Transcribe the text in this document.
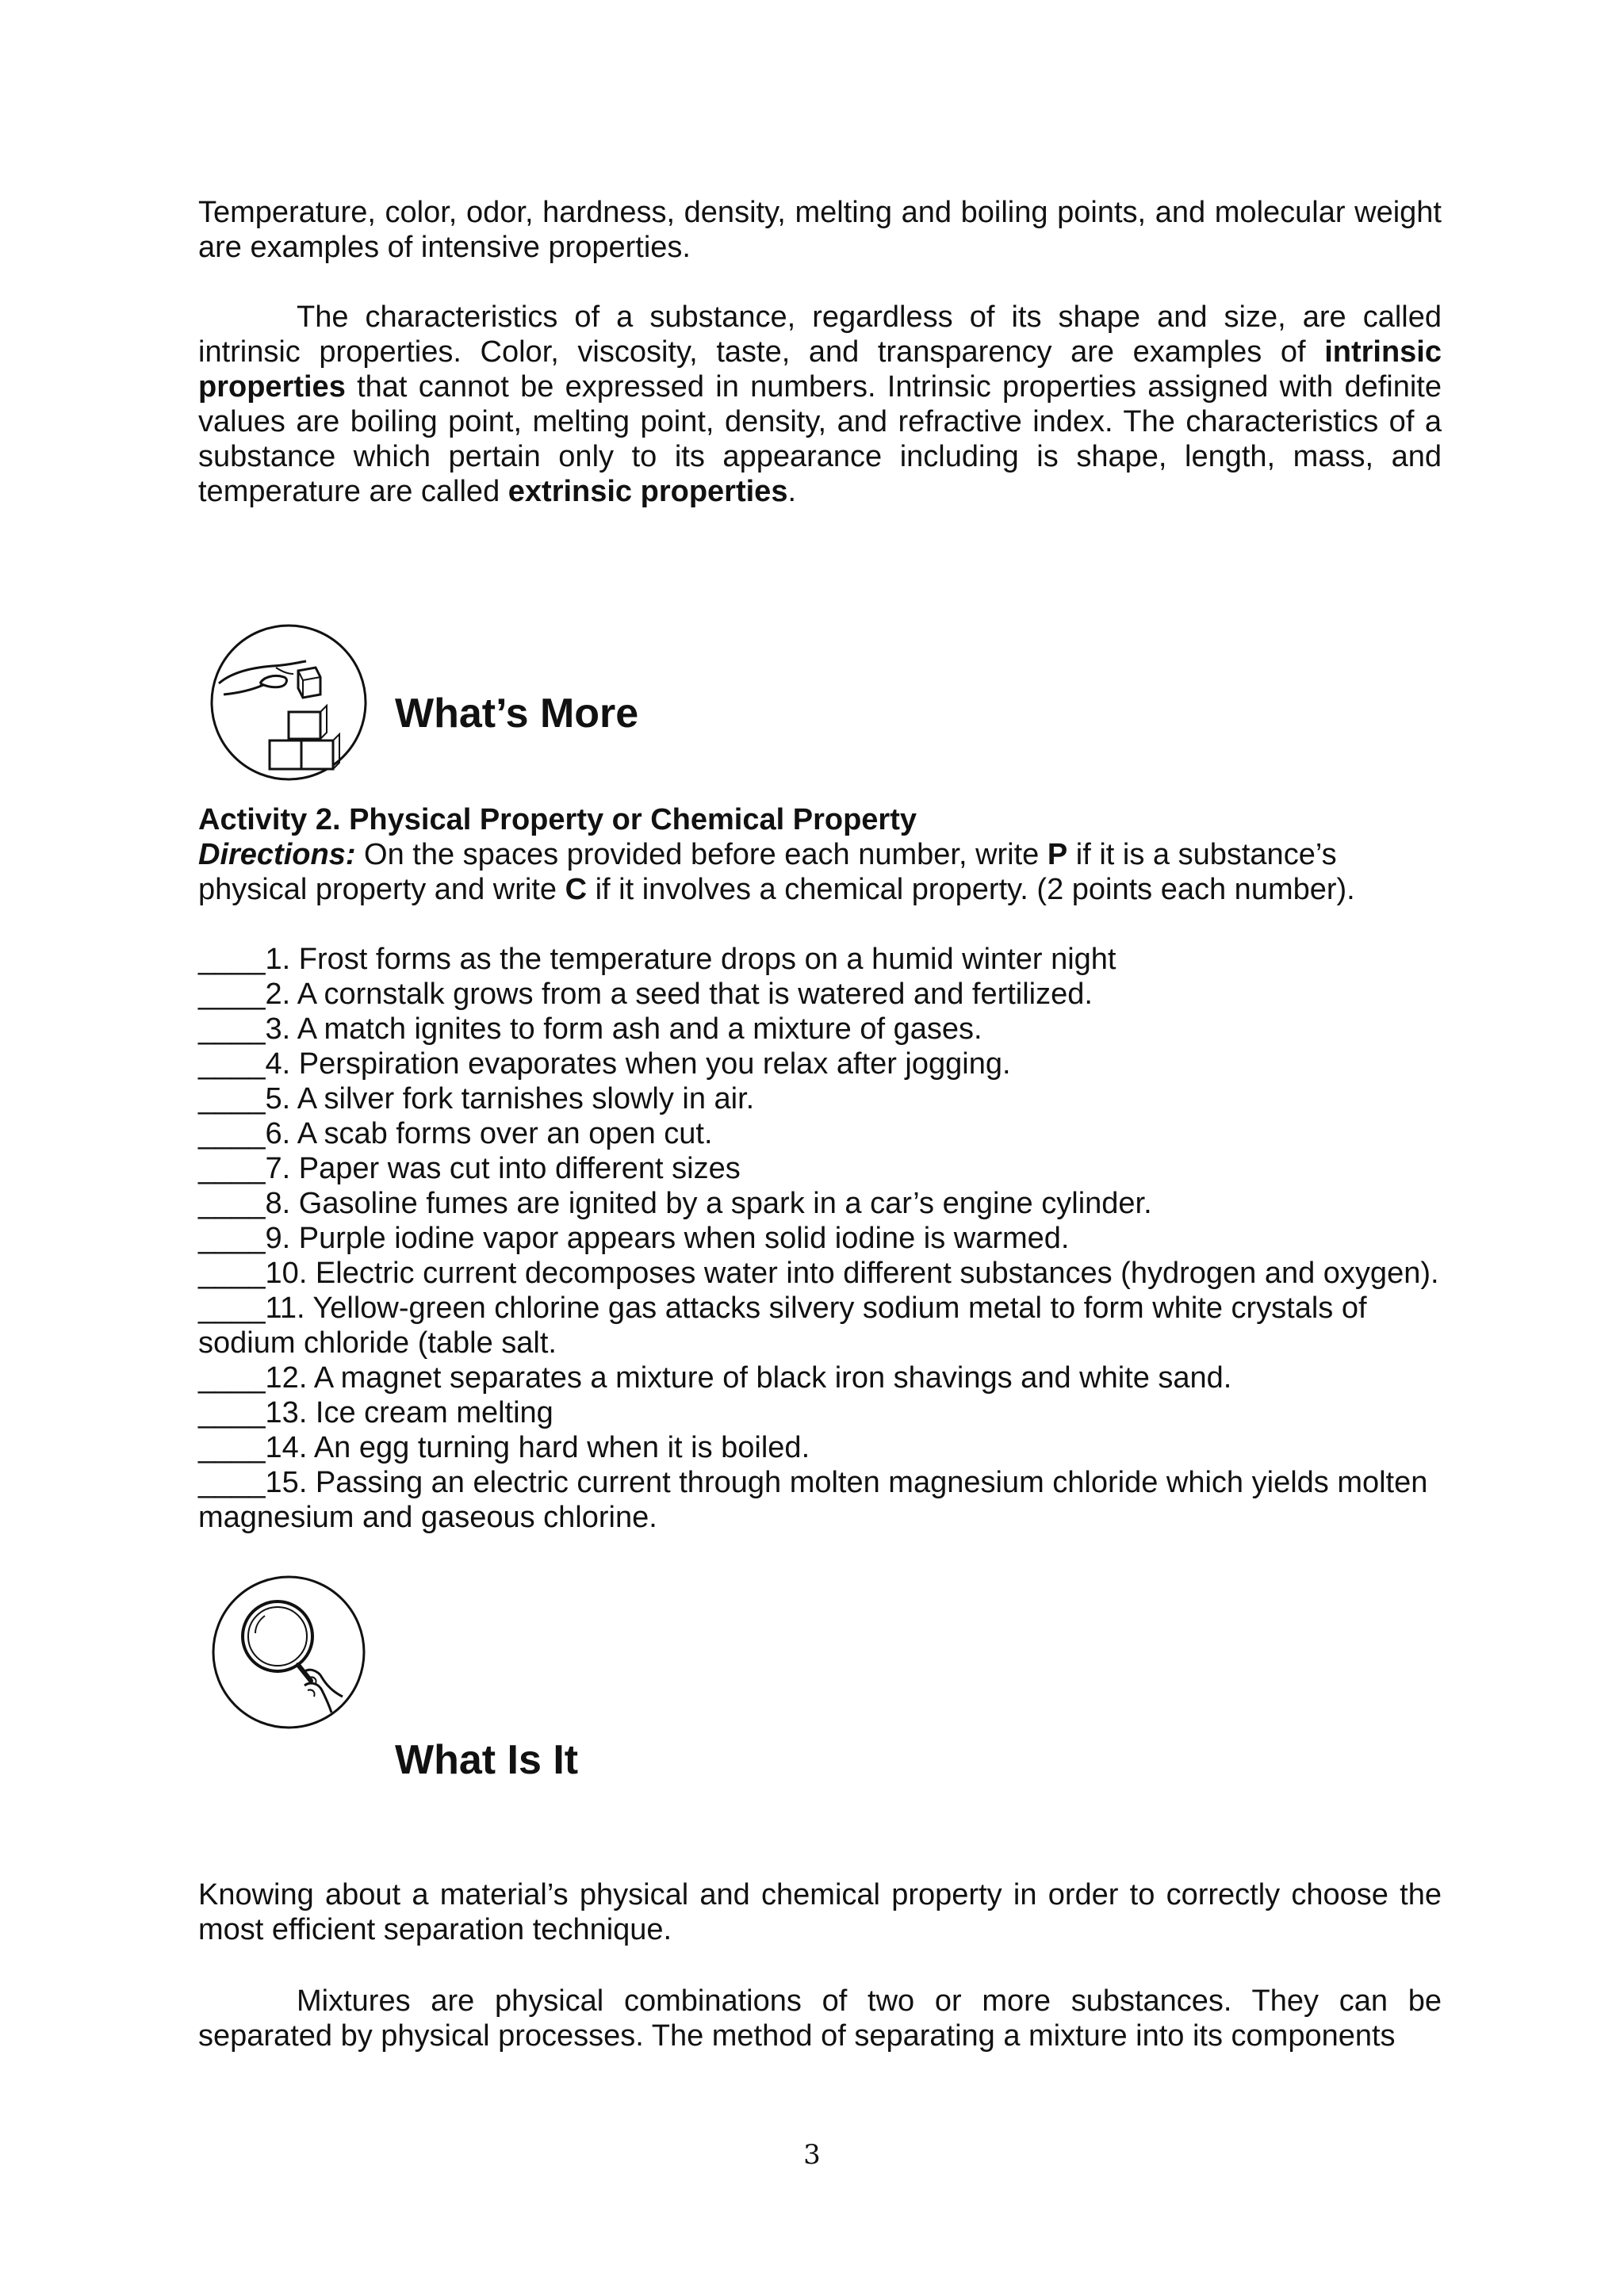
Temperature, color, odor, hardness, density, melting and boiling points, and molecular weight are examples of intensive properties.
The characteristics of a substance, regardless of its shape and size, are called intrinsic properties. Color, viscosity, taste, and transparency are examples of intrinsic properties that cannot be expressed in numbers. Intrinsic properties assigned with definite values are boiling point, melting point, density, and refractive index. The characteristics of a substance which pertain only to its appearance including is shape, length, mass, and temperature are called extrinsic properties.
What’s More
Activity 2. Physical Property or Chemical Property
Directions: On the spaces provided before each number, write P if it is a substance’s physical property and write C if it involves a chemical property. (2 points each number).
____1. Frost forms as the temperature drops on a humid winter night
____2. A cornstalk grows from a seed that is watered and fertilized.
____3. A match ignites to form ash and a mixture of gases.
____4. Perspiration evaporates when you relax after jogging.
____5. A silver fork tarnishes slowly in air.
____6. A scab forms over an open cut.
____7. Paper was cut into different sizes
____8. Gasoline fumes are ignited by a spark in a car’s engine cylinder.
____9. Purple iodine vapor appears when solid iodine is warmed.
____10. Electric current decomposes water into different substances (hydrogen and oxygen).
____11. Yellow-green chlorine gas attacks silvery sodium metal to form white crystals of sodium chloride (table salt.
____12. A magnet separates a mixture of black iron shavings and white sand.
____13. Ice cream melting
____14. An egg turning hard when it is boiled.
____15. Passing an electric current through molten magnesium chloride which yields molten magnesium and gaseous chlorine.
What Is It
Knowing about a material’s physical and chemical property in order to correctly choose the most efficient separation technique.
Mixtures are physical combinations of two or more substances. They can be separated by physical processes. The method of separating a mixture into its components
3
